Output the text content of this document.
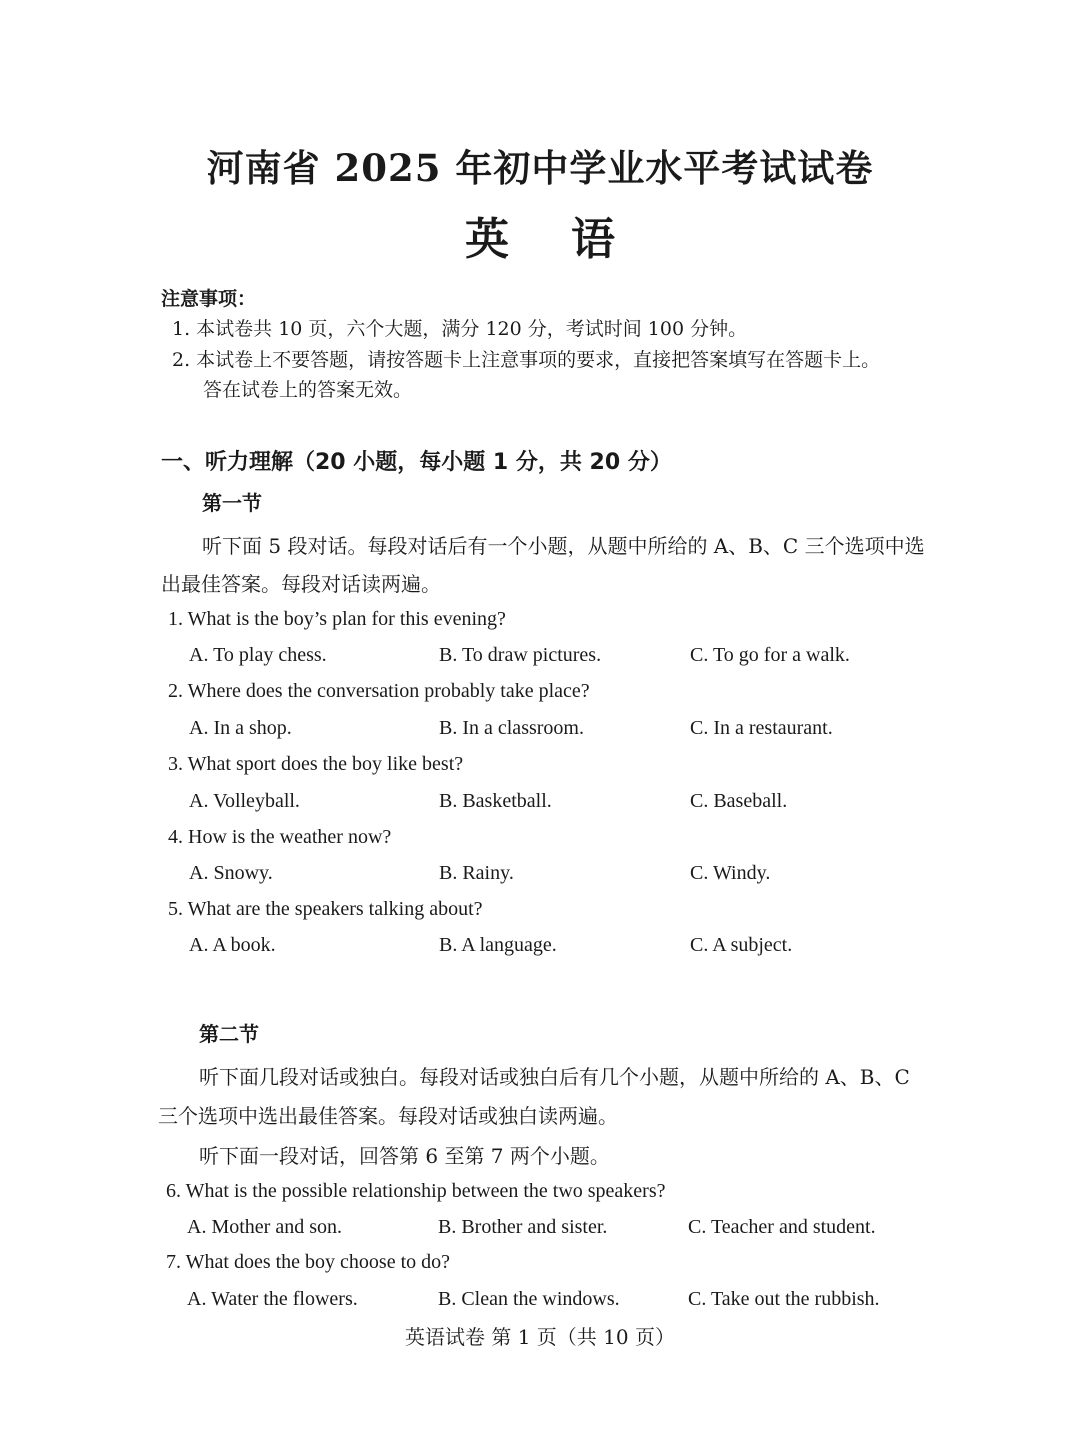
河南省 2025 年初中学业水平考试试卷
英语
注意事项：
1. 本试卷共 10 页，六个大题，满分 120 分，考试时间 100 分钟。
2. 本试卷上不要答题，请按答题卡上注意事项的要求，直接把答案填写在答题卡上。
答在试卷上的答案无效。
一、听力理解（20 小题，每小题 1 分，共 20 分）
第一节
听下面 5 段对话。每段对话后有一个小题，从题中所给的 A、B、C 三个选项中选
出最佳答案。每段对话读两遍。
1. What is the boy’s plan for this evening?
A. To play chess.	B. To draw pictures.	C. To go for a walk.
2. Where does the conversation probably take place?
A. In a shop.	B. In a classroom.	C. In a restaurant.
3. What sport does the boy like best?
A. Volleyball.	B. Basketball.	C. Baseball.
4. How is the weather now?
A. Snowy.	B. Rainy.	C. Windy.
5. What are the speakers talking about?
A. A book.	B. A language.	C. A subject.
第二节
听下面几段对话或独白。每段对话或独白后有几个小题，从题中所给的 A、B、C
三个选项中选出最佳答案。每段对话或独白读两遍。
听下面一段对话，回答第 6 至第 7 两个小题。
6. What is the possible relationship between the two speakers?
A. Mother and son.	B. Brother and sister.	C. Teacher and student.
7. What does the boy choose to do?
A. Water the flowers.	B. Clean the windows.	C. Take out the rubbish.
英语试卷 第 1 页（共 10 页）
